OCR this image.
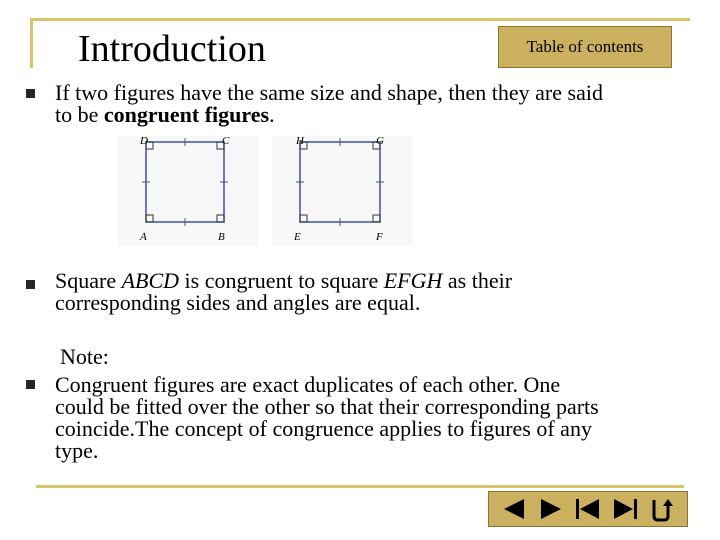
Introduction	Table of contents
If two figures have the same size and shape, then they are said
to be congruent figures.
D	C
A	B
H	G
E	F
Square ABCD is congruent to square EFGH as their
corresponding sides and angles are equal.
Note:
Congruent figures are exact duplicates of each other. One
could be fitted over the other so that their corresponding parts
coincide.The concept of congruence applies to figures of any
type.
